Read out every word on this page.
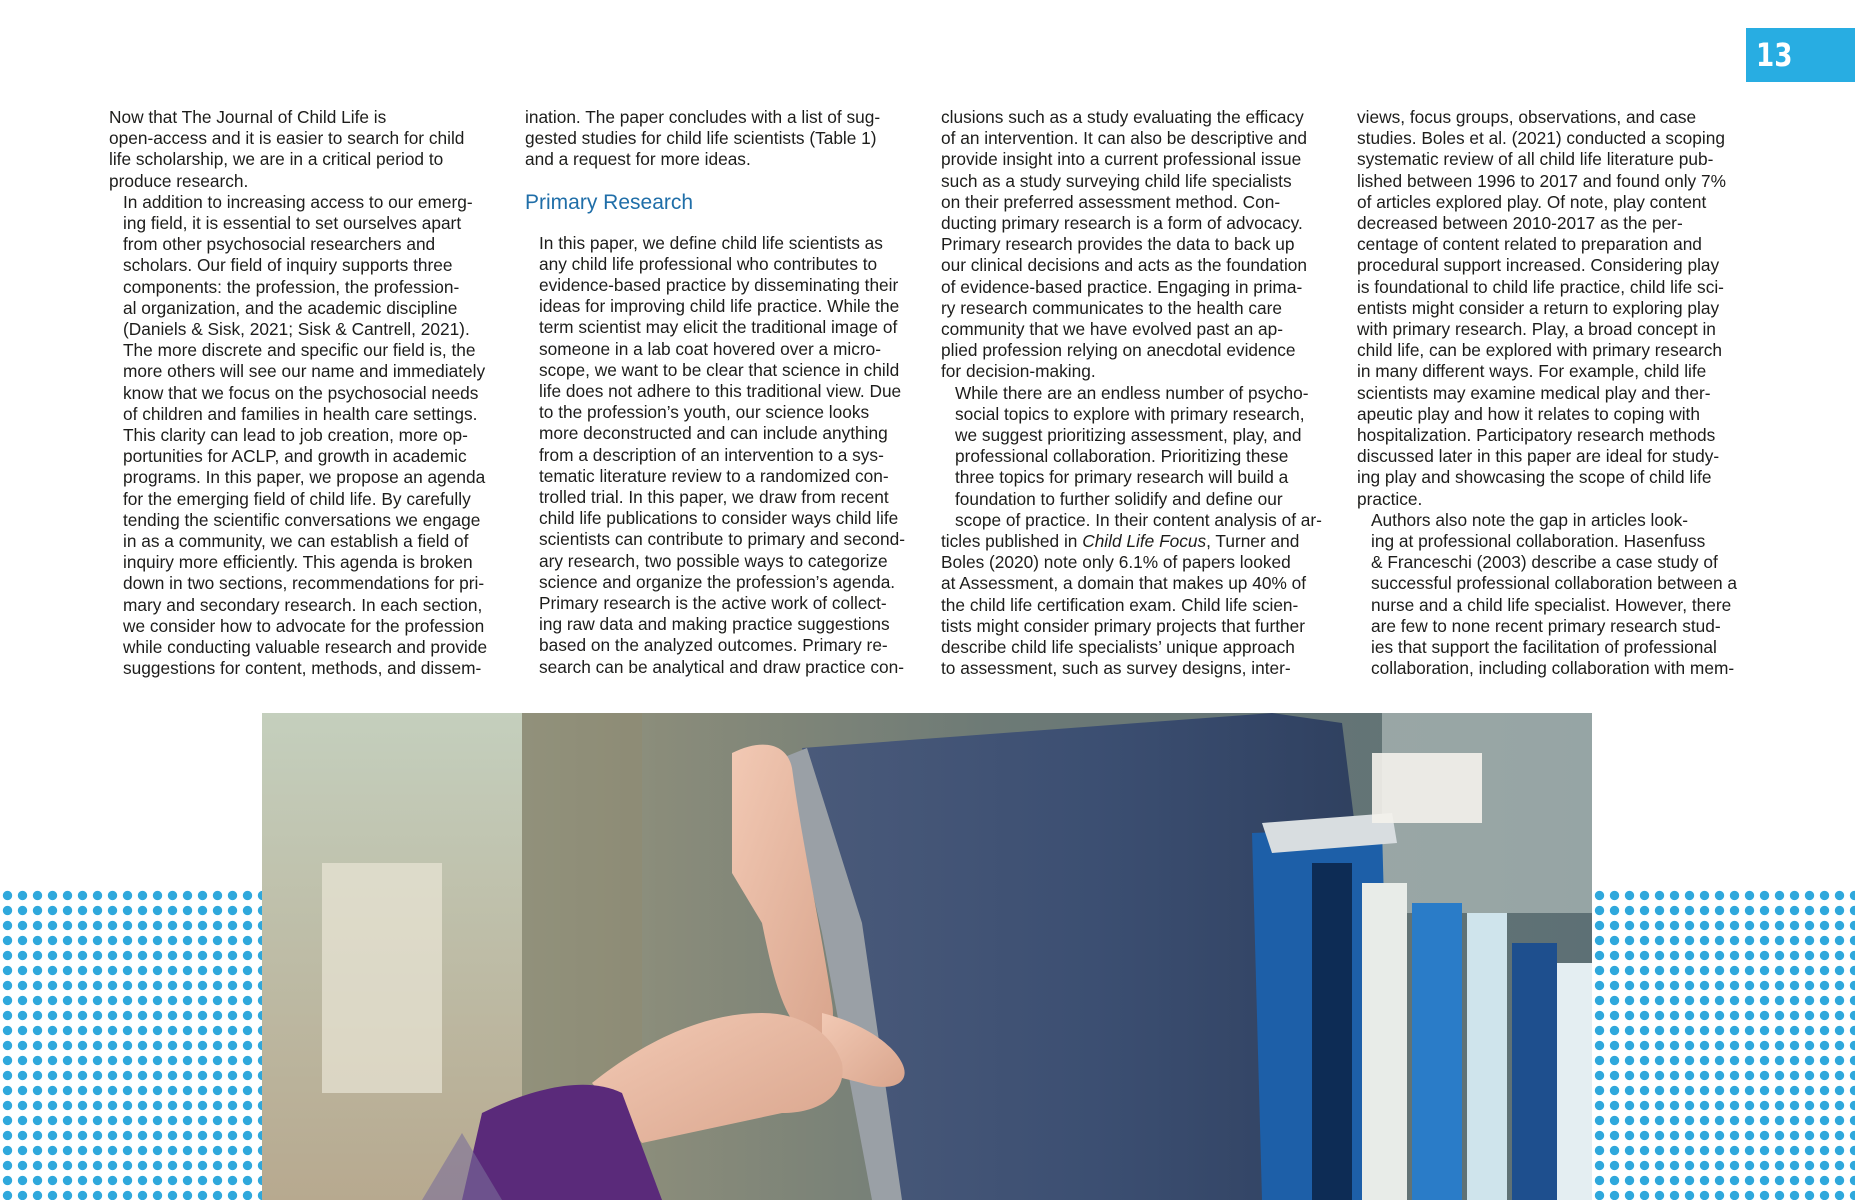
13

Now that The Journal of Child Life is
open-access and it is easier to search for child
life scholarship, we are in a critical period to
produce research.

In addition to increasing access to our emerg-
ing field, it is essential to set ourselves apart
from other psychosocial researchers and
scholars. Our field of inquiry supports three
components: the profession, the profession-
al organization, and the academic discipline
(Daniels & Sisk, 2021; Sisk & Cantrell, 2021).
The more discrete and specific our field is, the
more others will see our name and immediately
know that we focus on the psychosocial needs
of children and families in health care settings.
This clarity can lead to job creation, more op-
portunities for ACLP, and growth in academic
programs. In this paper, we propose an agenda
for the emerging field of child life. By carefully
tending the scientific conversations we engage
in as a community, we can establish a field of
inquiry more efficiently. This agenda is broken
down in two sections, recommendations for pri-
mary and secondary research. In each section,
we consider how to advocate for the profession
while conducting valuable research and provide
suggestions for content, methods, and dissem-

ination. The paper concludes with a list of sug-
gested studies for child life scientists (Table 1)
and a request for more ideas.
Primary Research

In this paper, we define child life scientists as
any child life professional who contributes to
evidence-based practice by disseminating their
ideas for improving child life practice. While the
term scientist may elicit the traditional image of
someone in a lab coat hovered over a micro-
scope, we want to be clear that science in child
life does not adhere to this traditional view. Due
to the profession’s youth, our science looks
more deconstructed and can include anything
from a description of an intervention to a sys-
tematic literature review to a randomized con-
trolled trial. In this paper, we draw from recent
child life publications to consider ways child life
scientists can contribute to primary and second-
ary research, two possible ways to categorize
science and organize the profession’s agenda.

Primary research is the active work of collect-
ing raw data and making practice suggestions
based on the analyzed outcomes. Primary re-
search can be analytical and draw practice con-

clusions such as a study evaluating the efficacy
of an intervention. It can also be descriptive and
provide insight into a current professional issue
such as a study surveying child life specialists
on their preferred assessment method. Con-
ducting primary research is a form of advocacy.
Primary research provides the data to back up
our clinical decisions and acts as the foundation
of evidence-based practice. Engaging in prima-
ry research communicates to the health care
community that we have evolved past an ap-
plied profession relying on anecdotal evidence
for decision-making.

While there are an endless number of psycho-
social topics to explore with primary research,
we suggest prioritizing assessment, play, and
professional collaboration. Prioritizing these
three topics for primary research will build a
foundation to further solidify and define our
scope of practice. In their content analysis of ar-

ticles published in Child Life Focus, Turner and
Boles (2020) note only 6.1% of papers looked
at Assessment, a domain that makes up 40% of
the child life certification exam. Child life scien-
tists might consider primary projects that further
describe child life specialists’ unique approach
to assessment, such as survey designs, inter-

views, focus groups, observations, and case
studies. Boles et al. (2021) conducted a scoping
systematic review of all child life literature pub-
lished between 1996 to 2017 and found only 7%
of articles explored play. Of note, play content
decreased between 2010-2017 as the per-
centage of content related to preparation and
procedural support increased. Considering play
is foundational to child life practice, child life sci-
entists might consider a return to exploring play
with primary research. Play, a broad concept in
child life, can be explored with primary research
in many different ways. For example, child life
scientists may examine medical play and ther-
apeutic play and how it relates to coping with
hospitalization. Participatory research methods
discussed later in this paper are ideal for study-
ing play and showcasing the scope of child life
practice.

Authors also note the gap in articles look-
ing at professional collaboration. Hasenfuss
& Franceschi (2003) describe a case study of
successful professional collaboration between a
nurse and a child life specialist. However, there
are few to none recent primary research stud-
ies that support the facilitation of professional
collaboration, including collaboration with mem-
